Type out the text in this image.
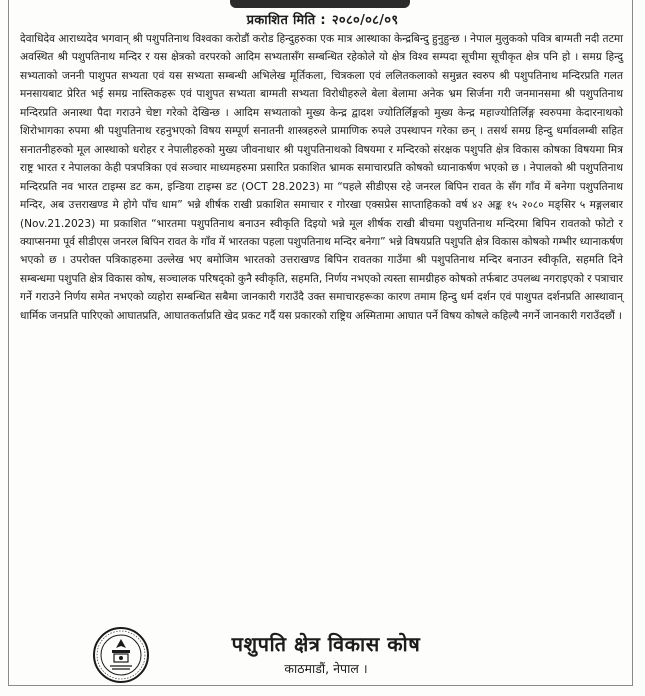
प्रकाशित मिति : २०८०/०८/०९
देवाधिदेव आराध्यदेव भगवान् श्री पशुपतिनाथ विश्वका करोडौं करोड हिन्दुहरुका एक मात्र आस्थाका केन्द्रबिन्दु हुनुहुन्छ । नेपाल मुलुकको पवित्र बाग्मती नदी तटमा अवस्थित श्री पशुपतिनाथ मन्दिर र यस क्षेत्रको वरपरको आदिम सभ्यतासँग सम्बन्धित रहेकोले यो क्षेत्र विश्व सम्पदा सूचीमा सूचीकृत क्षेत्र पनि हो । समग्र हिन्दु सभ्यताको जननी पाशुपत सभ्यता एवं यस सभ्यता सम्बन्धी अभिलेख मूर्तिकला, चित्रकला एवं ललितकलाको समुन्नत स्वरुप श्री पशुपतिनाथ मन्दिरप्रति गलत मनसायबाट प्रेरित भई समग्र नास्तिकहरू एवं पाशुपत सभ्यता बाग्मती सभ्यता विरोधीहरुले बेला बेलामा अनेक भ्रम सिर्जना गरी जनमानसमा श्री पशुपतिनाथ मन्दिरप्रति अनास्था पैदा गराउने चेष्टा गरेको देखिन्छ । आदिम सभ्यताको मुख्य केन्द्र द्वादश ज्योतिर्लिङ्गको मुख्य केन्द्र महाज्योतिर्लिङ्ग स्वरुपमा केदारनाथको शिरोभागका रुपमा श्री पशुपतिनाथ रहनुभएको विषय सम्पूर्ण सनातनी शास्त्रहरुले प्रामाणिक रुपले उपस्थापन गरेका छन् । तसर्थ समग्र हिन्दु धर्मावलम्बी सहित सनातनीहरुको मूल आस्थाको धरोहर र नेपालीहरुको मुख्य जीवनाधार श्री पशुपतिनाथको विषयमा र मन्दिरको संरक्षक पशुपति क्षेत्र विकास कोषका विषयमा मित्र राष्ट्र भारत र नेपालका केही पत्रपत्रिका एवं सञ्चार माध्यमहरुमा प्रसारित प्रकाशित भ्रामक समाचारप्रति कोषको ध्यानाकर्षण भएको छ । नेपालको श्री पशुपतिनाथ मन्दिरप्रति नव भारत टाइम्स डट कम, इन्डिया टाइम्स डट (OCT 28.2023) मा “पहले सीडीएस रहे जनरल बिपिन रावत के सँग गाँव में बनेगा पशुपतिनाथ मन्दिर, अब उत्तराखण्ड मे होगे पाँच धाम” भन्ने शीर्षक राखी प्रकाशित समाचार र गोरखा एक्सप्रेस साप्ताहिकको वर्ष ४२ अङ्क १५ २०८० मङ्सिर ५ मङ्गलबार (Nov.21.2023) मा प्रकाशित “भारतमा पशुपतिनाथ बनाउन स्वीकृति दिइयो भन्ने मूल शीर्षक राखी बीचमा पशुपतिनाथ मन्दिरमा बिपिन रावतको फोटो र क्याप्सनमा पूर्व सीडीएस जनरल बिपिन रावत के गाँव में भारतका पहला पशुपतिनाथ मन्दिर बनेगा” भन्ने विषयप्रति पशुपति क्षेत्र विकास कोषको गम्भीर ध्यानाकर्षण भएको छ । उपरोक्त पत्रिकाहरुमा उल्लेख भए बमोजिम भारतको उत्तराखण्ड बिपिन रावतका गाउँमा श्री पशुपतिनाथ मन्दिर बनाउन स्वीकृति, सहमति दिने सम्बन्धमा पशुपति क्षेत्र विकास कोष, सञ्चालक परिषद्को कुनै स्वीकृति, सहमति, निर्णय नभएको त्यस्ता सामग्रीहरु कोषको तर्फबाट उपलब्ध नगराइएको र पत्राचार गर्ने गराउने निर्णय समेत नभएको व्यहोरा सम्बन्धित सबैमा जानकारी गराउँदै उक्त समाचारहरूका कारण तमाम हिन्दु धर्म दर्शन एवं पाशुपत दर्शनप्रति आस्थावान् धार्मिक जनप्रति पारिएको आघातप्रति, आघातकर्ताप्रति खेद प्रकट गर्दै यस प्रकारको राष्ट्रिय अस्मितामा आघात पर्ने विषय कोषले कहिल्यै नगर्ने जानकारी गराउँदछौं ।
पशुपति क्षेत्र विकास कोष
काठमाडौं, नेपाल ।
